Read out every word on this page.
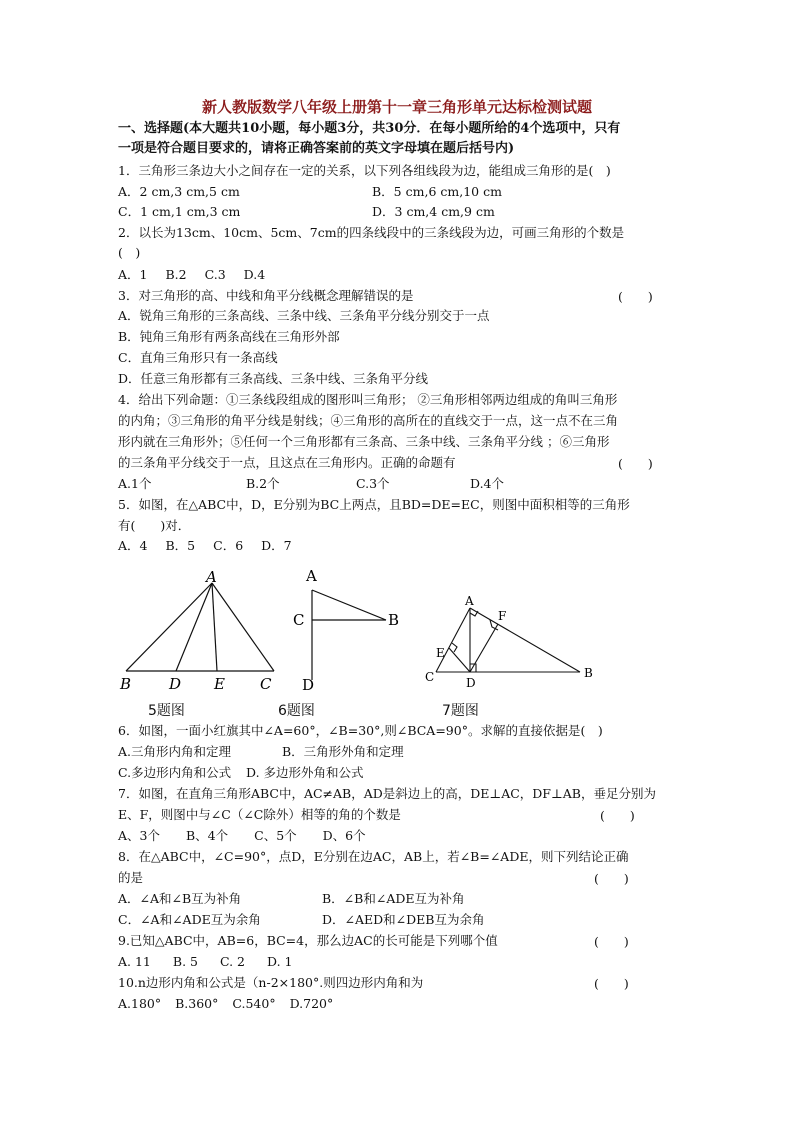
新人教版数学八年级上册第十一章三角形单元达标检测试题
一、选择题(本大题共10小题，每小题3分，共30分．在每小题所给的4个选项中，只有
一项是符合题目要求的，请将正确答案前的英文字母填在题后括号内)
1．三角形三条边大小之间存在一定的关系，以下列各组线段为边，能组成三角形的是(　)
A．2 cm,3 cm,5 cm	B．5 cm,6 cm,10 cm
C．1 cm,1 cm,3 cm	D．3 cm,4 cm,9 cm
2．以长为13cm、10cm、5cm、7cm的四条线段中的三条线段为边，可画三角形的个数是
(　)
A．1 B.2 C.3 D.4
3．对三角形的高、中线和角平分线概念理解错误的是	(　　)
A．锐角三角形的三条高线、三条中线、三条角平分线分别交于一点
B．钝角三角形有两条高线在三角形外部
C．直角三角形只有一条高线
D．任意三角形都有三条高线、三条中线、三条角平分线
4．给出下列命题：①三条线段组成的图形叫三角形； ②三角形相邻两边组成的角叫三角形
的内角；③三角形的角平分线是射线；④三角形的高所在的直线交于一点，这一点不在三角
形内就在三角形外；⑤任何一个三角形都有三条高、三条中线、三条角平分线 ；⑥三角形
的三条角平分线交于一点，且这点在三角形内。正确的命题有	(　　)
A.1个	B.2个	C.3个	D.4个
5．如图，在△ABC中，D，E分别为BC上两点，且BD=DE=EC，则图中面积相等的三角形
有(　　)对．
A．4 B．5 C．6 D．7
A
B	D E C
5题图
A
C	B
D
6题图
A
F
E
C	D
B
7题图
6．如图，一面小红旗其中∠A=60°，∠B=30°,则∠BCA=90°。求解的直接依据是(　)
A.三角形内角和定理	B．三角形外角和定理
C.多边形内角和公式 D. 多边形外角和公式
7．如图，在直角三角形ABC中，AC≠AB，AD是斜边上的高，DE⊥AC，DF⊥AB，垂足分别为
E、F，则图中与∠C（∠C除外）相等的角的个数是	(　　)
A、3个 B、4个 C、5个 D、6个
8．在△ABC中，∠C=90°，点D，E分别在边AC，AB上，若∠B=∠ADE，则下列结论正确
的是	(　　)
A．∠A和∠B互为补角	B．∠B和∠ADE互为补角
C．∠A和∠ADE互为余角	D．∠AED和∠DEB互为余角
9.已知△ABC中，AB=6，BC=4，那么边AC的长可能是下列哪个值	(　　)
A. 11 B. 5 C. 2 D. 1
10.n边形内角和公式是（n-2×180°.则四边形内角和为	(　　)
A.180° B.360° C.540° D.720°
